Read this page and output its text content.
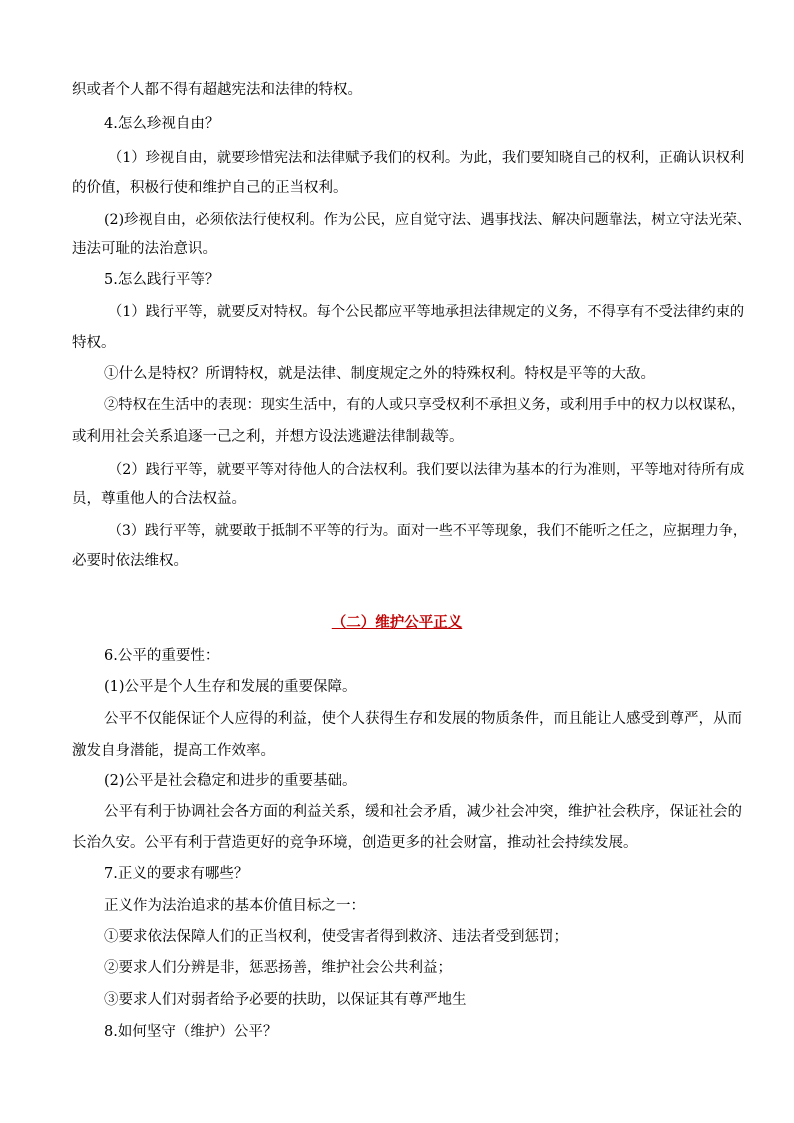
织或者个人都不得有超越宪法和法律的特权。
4.怎么珍视自由？
（1）珍视自由，就要珍惜宪法和法律赋予我们的权利。为此，我们要知晓自己的权利，正确认识权利
的价值，积极行使和维护自己的正当权利。
(2)珍视自由，必须依法行使权利。作为公民，应自觉守法、遇事找法、解决问题靠法，树立守法光荣、
违法可耻的法治意识。
5.怎么践行平等？
（1）践行平等，就要反对特权。每个公民都应平等地承担法律规定的义务，不得享有不受法律约束的
特权。
①什么是特权？所谓特权，就是法律、制度规定之外的特殊权利。特权是平等的大敌。
②特权在生活中的表现：现实生活中，有的人或只享受权利不承担义务，或利用手中的权力以权谋私，
或利用社会关系追逐一己之利，并想方设法逃避法律制裁等。
（2）践行平等，就要平等对待他人的合法权利。我们要以法律为基本的行为准则，平等地对待所有成
员，尊重他人的合法权益。
（3）践行平等，就要敢于抵制不平等的行为。面对一些不平等现象，我们不能听之任之，应据理力争，
必要时依法维权。
（二）维护公平正义
6.公平的重要性：
(1)公平是个人生存和发展的重要保障。
公平不仅能保证个人应得的利益，使个人获得生存和发展的物质条件，而且能让人感受到尊严，从而
激发自身潜能，提高工作效率。
(2)公平是社会稳定和进步的重要基础。
公平有利于协调社会各方面的利益关系，缓和社会矛盾，减少社会冲突，维护社会秩序，保证社会的
长治久安。公平有利于营造更好的竞争环境，创造更多的社会财富，推动社会持续发展。
7.正义的要求有哪些？
正义作为法治追求的基本价值目标之一：
①要求依法保障人们的正当权利，使受害者得到救济、违法者受到惩罚；
②要求人们分辨是非，惩恶扬善，维护社会公共利益；
③要求人们对弱者给予必要的扶助，以保证其有尊严地生
8.如何坚守（维护）公平？
